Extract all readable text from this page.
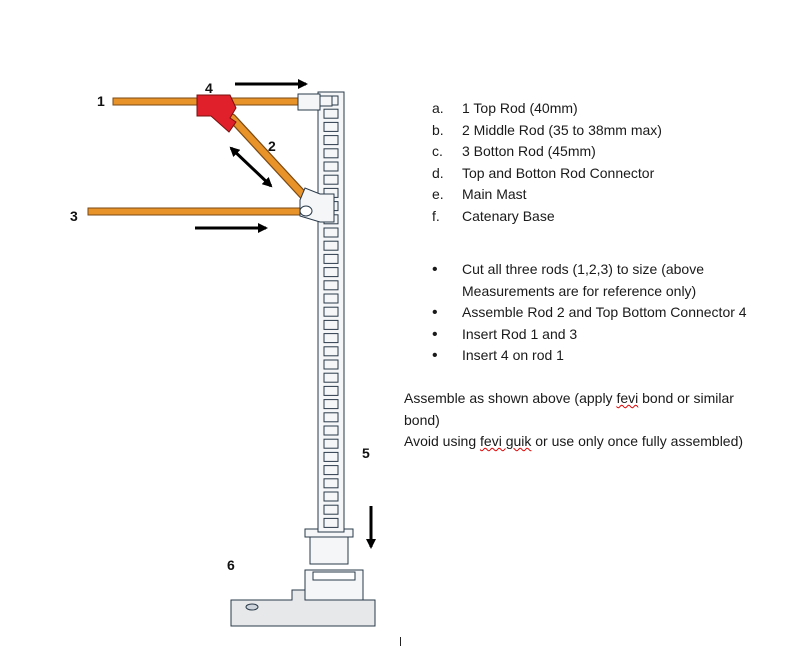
1
2
3
4
5
6
a.	1 Top Rod (40mm)
b.	2 Middle Rod (35 to 38mm max)
c.	3 Botton Rod (45mm)
d.	Top and Botton Rod Connector
e.	Main Mast
f.	Catenary Base
•	Cut all three rods (1,2,3) to size (above Measurements are for reference only)
•	Assemble Rod 2 and Top Bottom Connector 4
•	Insert Rod 1 and 3
•	Insert 4 on rod 1
Assemble as shown above (apply fevi bond or similar bond)
Avoid using fevi guik or use only once fully assembled)
